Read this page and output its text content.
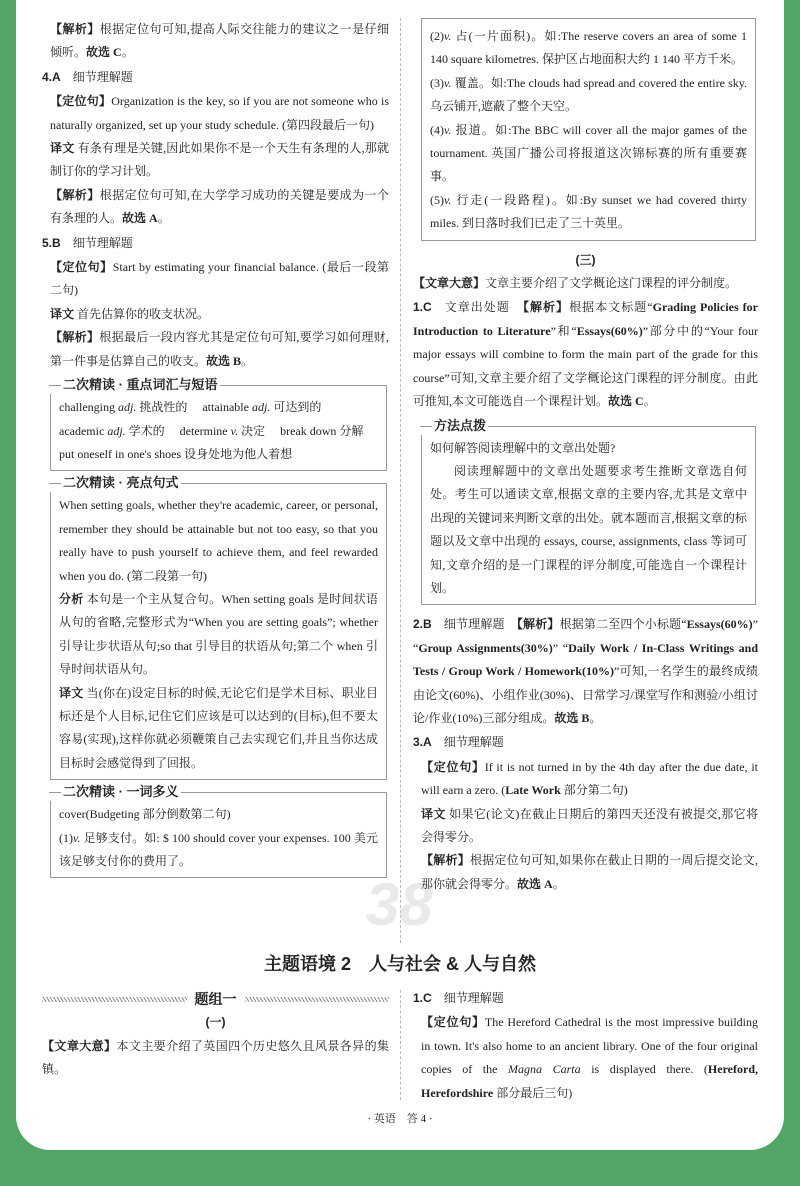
38
【解析】根据定位句可知,提高人际交往能力的建议之一是仔细倾听。故选 C。
4.A 细节理解题
【定位句】Organization is the key, so if you are not someone who is naturally organized, set up your study schedule. (第四段最后一句)
译文 有条有理是关键,因此如果你不是一个天生有条理的人,那就制订你的学习计划。
【解析】根据定位句可知,在大学学习成功的关键是要成为一个有条理的人。故选 A。
5.B 细节理解题
【定位句】Start by estimating your financial balance. (最后一段第二句)
译文 首先估算你的收支状况。
【解析】根据最后一段内容尤其是定位句可知,要学习如何理财,第一件事是估算自己的收支。故选 B。
二次精读 · 重点词汇与短语
challenging adj. 挑战性的　 attainable adj. 可达到的
academic adj. 学术的　 determine v. 决定　 break down 分解
put oneself in one's shoes 设身处地为他人着想
二次精读 · 亮点句式
When setting goals, whether they're academic, career, or personal, remember they should be attainable but not too easy, so that you really have to push yourself to achieve them, and feel rewarded when you do. (第二段第一句)
分析 本句是一个主从复合句。When setting goals 是时间状语从句的省略,完整形式为“When you are setting goals”; whether 引导让步状语从句;so that 引导目的状语从句;第二个 when 引导时间状语从句。
译文 当(你在)设定目标的时候,无论它们是学术目标、职业目标还是个人目标,记住它们应该是可以达到的(目标),但不要太容易(实现),这样你就必须鞭策自己去实现它们,并且当你达成目标时会感觉得到了回报。
二次精读 · 一词多义
cover(Budgeting 部分倒数第二句)
(1)v. 足够支付。如: $ 100 should cover your expenses. 100 美元该足够支付你的费用了。
(2)v. 占(一片面积)。如:The reserve covers an area of some 1 140 square kilometres. 保护区占地面积大约 1 140 平方千米。
(3)v. 覆盖。如:The clouds had spread and covered the entire sky. 乌云铺开,遮蔽了整个天空。
(4)v. 报道。如:The BBC will cover all the major games of the tournament. 英国广播公司将报道这次锦标赛的所有重要赛事。
(5)v. 行走(一段路程)。如:By sunset we had covered thirty miles. 到日落时我们已走了三十英里。
(三)
【文章大意】文章主要介绍了文学概论这门课程的评分制度。
1.C 文章出处题　 【解析】根据本文标题“Grading Policies for Introduction to Literature”和“Essays(60%)”部分中的“Your four major essays will combine to form the main part of the grade for this course”可知,文章主要介绍了文学概论这门课程的评分制度。由此可推知,本文可能选自一个课程计划。故选 C。
方法点拨
如何解答阅读理解中的文章出处题?
阅读理解题中的文章出处题要求考生推断文章选自何处。考生可以通读文章,根据文章的主要内容,尤其是文章中出现的关键词来判断文章的出处。就本题而言,根据文章的标题以及文章中出现的 essays, course, assignments, class 等词可知,文章介绍的是一门课程的评分制度,可能选自一个课程计划。
2.B 细节理解题　 【解析】根据第二至四个小标题“Essays(60%)” “Group Assignments(30%)” “Daily Work / In-Class Writings and Tests / Group Work / Homework(10%)”可知,一名学生的最终成绩由论文(60%)、小组作业(30%)、日常学习/课堂写作和测验/小组讨论/作业(10%)三部分组成。故选 B。
3.A 细节理解题
【定位句】If it is not turned in by the 4th day after the due date, it will earn a zero. (Late Work 部分第二句)
译文 如果它(论文)在截止日期后的第四天还没有被提交,那它将会得零分。
【解析】根据定位句可知,如果你在截止日期的一周后提交论文,那你就会得零分。故选 A。
主题语境 2　人与社会 & 人与自然
题组一
(一)
【文章大意】本文主要介绍了英国四个历史悠久且风景各异的集镇。
1.C 细节理解题
【定位句】The Hereford Cathedral is the most impressive building in town. It's also home to an ancient library. One of the four original copies of the Magna Carta is displayed there. (Hereford, Herefordshire 部分最后三句)
· 英语　答 4 ·
